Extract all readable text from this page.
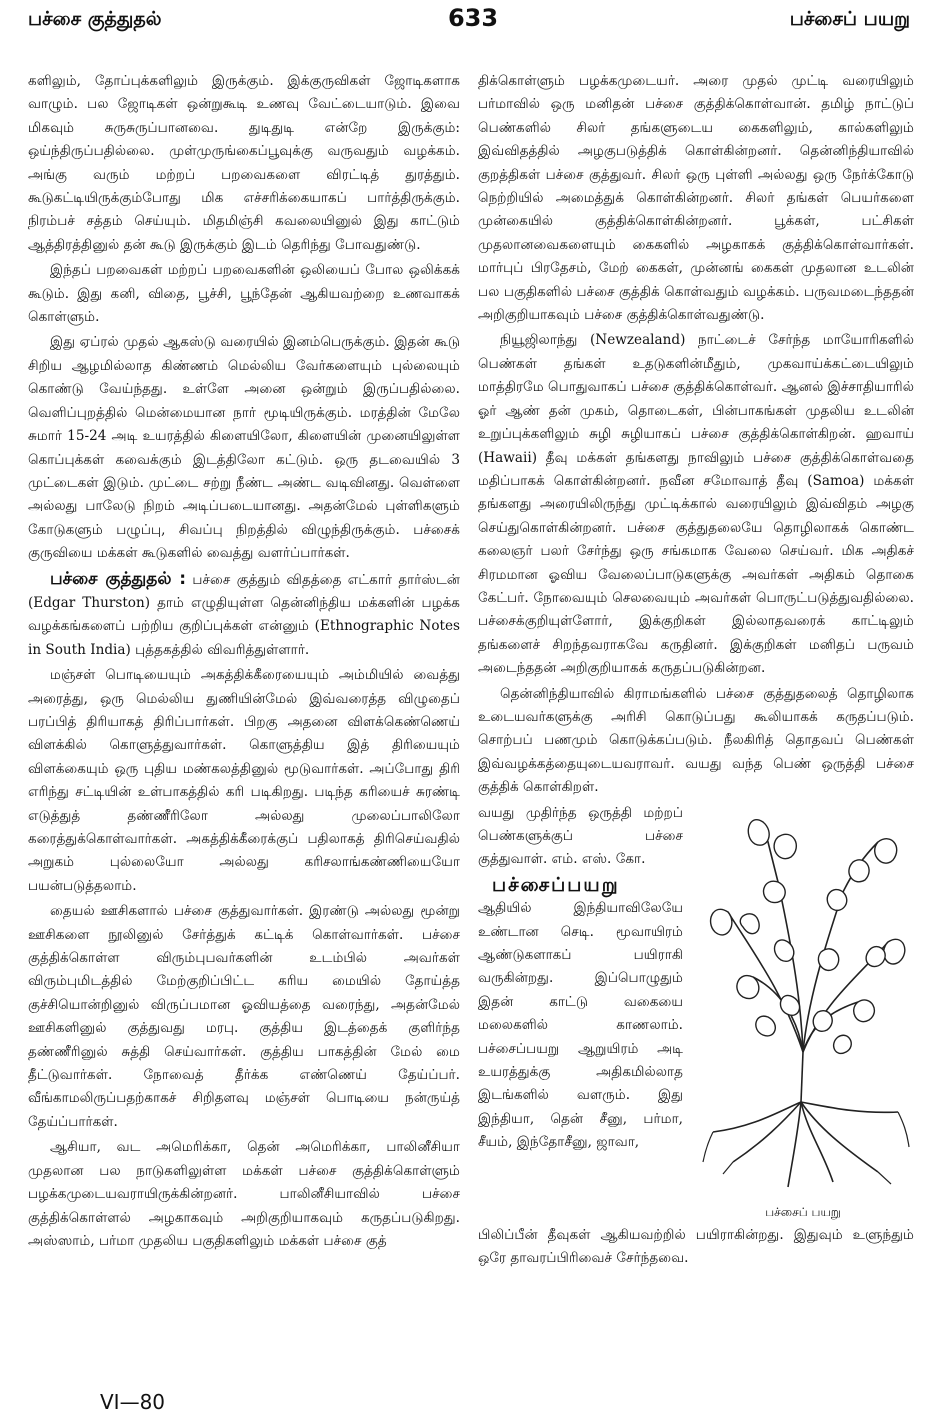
பச்சை குத்துதல்	633	பச்சைப் பயறு

களிலும், தோப்புக்களிலும் இருக்கும். இக்குருவிகள் ஜோடிகளாக வாழும். பல ஜோடிகள் ஒன்றுகூடி உணவு வேட்டையாடும். இவை மிகவும் சுருசுருப்பானவை. துடிதுடி என்றே இருக்கும்: ஒய்ந்திருப்பதில்லை. முள்முருங்கைப்பூவுக்கு வருவதும் வழக்கம். அங்கு வரும் மற்றப் பறவைகளை விரட்டித் துரத்தும். கூடுகட்டியிருக்கும்போது மிக எச்சரிக்கையாகப் பார்த்திருக்கும். நிரம்பச் சத்தம் செய்யும். மிதமிஞ்சி கவலையினுல் இது காட்டும் ஆத்திரத்தினுல் தன் கூடு இருக்கும் இடம் தெரிந்து போவதுண்டு.

இந்தப் பறவைகள் மற்றப் பறவைகளின் ஒலியைப் போல ஒலிக்கக் கூடும். இது கனி, விதை, பூச்சி, பூந்தேன் ஆகியவற்றை உணவாகக் கொள்ளும்.

இது ஏப்ரல் முதல் ஆகஸ்டு வரையில் இனம்பெருக்கும். இதன் கூடு சிறிய ஆழமில்லாத கிண்ணம் மெல்லிய வேர்களையும் புல்லையும் கொண்டு வேய்ந்தது. உள்ளே அனை ஒன்றும் இருப்பதில்லை. வெளிப்புறத்தில் மென்மையான நார் மூடியிருக்கும். மரத்தின் மேலே சுமார் 15-24 அடி உயரத்தில் கிளையிலோ, கிளையின் முனையிலுள்ள கொப்புக்கள் கவைக்கும் இடத்திலோ கட்டும். ஒரு தடவையில் 3 முட்டைகள் இடும். முட்டை சற்று நீண்ட அண்ட வடிவினது. வெள்ளை அல்லது பாலேடு நிறம் அடிப்படையானது. அதன்மேல் புள்ளிகளும் கோடுகளும் பழுப்பு, சிவப்பு நிறத்தில் விழுந்திருக்கும். பச்சைக் குருவியை மக்கள் கூடுகளில் வைத்து வளர்ப்பார்கள்.

பச்சை குத்துதல் : பச்சை குத்தும் விதத்தை எட்கார் தார்ஸ்டன் (Edgar Thurston) தாம் எழுதியுள்ள தென்னிந்திய மக்களின் பழக்க வழக்கங்களைப் பற்றிய குறிப்புக்கள் என்னும் (Ethnographic Notes in South India) புத்தகத்தில் விவரித்துள்ளார்.

மஞ்சள் பொடியையும் அகத்திக்கீரையையும் அம்மியில் வைத்து அரைத்து, ஒரு மெல்லிய துணியின்மேல் இவ்வரைத்த விழுதைப் பரப்பித் திரியாகத் திரிப்பார்கள். பிறகு அதனை விளக்கெண்ணெய் விளக்கில் கொளுத்துவார்கள். கொளுத்திய இத் திரியையும் விளக்கையும் ஒரு புதிய மண்கலத்தினுல் மூடுவார்கள். அப்போது திரி எரிந்து சட்டியின் உள்பாகத்தில் கரி படிகிறது. படிந்த கரியைச் சுரண்டி எடுத்துத் தண்ணீரிலோ அல்லது முலைப்பாலிலோ கரைத்துக்கொள்வார்கள். அகத்திக்கீரைக்குப் பதிலாகத் திரிசெய்வதில் அறுகம் புல்லையோ அல்லது கரிசலாங்கண்ணியையோ பயன்படுத்தலாம்.

தையல் ஊசிகளால் பச்சை குத்துவார்கள். இரண்டு அல்லது மூன்று ஊசிகளை நூலினுல் சேர்த்துக் கட்டிக் கொள்வார்கள். பச்சை குத்திக்கொள்ள விரும்புபவர்களின் உடம்பில் அவர்கள் விரும்புமிடத்தில் மேற்குறிப்பிட்ட கரிய மையில் தோய்த்த குச்சியொன்றினுல் விருப்பமான ஓவியத்தை வரைந்து, அதன்மேல் ஊசிகளினுல் குத்துவது மரபு. குத்திய இடத்தைக் குளிர்ந்த தண்ணீரினுல் சுத்தி செய்வார்கள். குத்திய பாகத்தின் மேல் மை தீட்டுவார்கள். நோவைத் தீர்க்க எண்ணெய் தேய்ப்பர். வீங்காமலிருப்பதற்காகச் சிறிதளவு மஞ்சள் பொடியை நன்ருய்த் தேய்ப்பார்கள்.

ஆசியா, வட அமெரிக்கா, தென் அமெரிக்கா, பாலினீசியா முதலான பல நாடுகளிலுள்ள மக்கள் பச்சை குத்திக்கொள்ளும் பழக்கமுடையவராயிருக்கின்றனர். பாலினீசியாவில் பச்சை குத்திக்கொள்ளல் அழகாகவும் அறிகுறியாகவும் கருதப்படுகிறது. அஸ்ஸாம், பர்மா முதலிய பகுதிகளிலும் மக்கள் பச்சை குத்

திக்கொள்ளும் பழக்கமுடையர். அரை முதல் முட்டி வரையிலும் பர்மாவில் ஒரு மனிதன் பச்சை குத்திக்கொள்வான். தமிழ் நாட்டுப் பெண்களில் சிலர் தங்களுடைய கைகளிலும், கால்களிலும் இவ்விதத்தில் அழகுபடுத்திக் கொள்கின்றனர். தென்னிந்தியாவில் குறத்திகள் பச்சை குத்துவர். சிலர் ஒரு புள்ளி அல்லது ஒரு நேர்க்கோடு நெற்றியில் அமைத்துக் கொள்கின்றனர். சிலர் தங்கள் பெயர்களை முன்கையில் குத்திக்கொள்கின்றனர். பூக்கள், பட்சிகள் முதலானவைகளையும் கைகளில் அழகாகக் குத்திக்கொள்வார்கள். மார்புப் பிரதேசம், மேற் கைகள், முன்னங் கைகள் முதலான உடலின் பல பகுதிகளில் பச்சை குத்திக் கொள்வதும் வழக்கம். பருவமடைந்ததன் அறிகுறியாகவும் பச்சை குத்திக்கொள்வதுண்டு.

நியூஜிலாந்து (Newzealand) நாட்டைச் சேர்ந்த மாயோரிகளில் பெண்கள் தங்கள் உதடுகளின்மீதும், முகவாய்க்கட்டையிலும் மாத்திரமே பொதுவாகப் பச்சை குத்திக்கொள்வர். ஆனல் இச்சாதியாரில் ஓர் ஆண் தன் முகம், தொடைகள், பின்பாகங்கள் முதலிய உடலின் உறுப்புக்களிலும் சுழி சுழியாகப் பச்சை குத்திக்கொள்கிறன். ஹவாய் (Hawaii) தீவு மக்கள் தங்களது நாவிலும் பச்சை குத்திக்கொள்வதை மதிப்பாகக் கொள்கின்றனர். நவீன சமோவாத் தீவு (Samoa) மக்கள் தங்களது அரையிலிருந்து முட்டிக்கால் வரையிலும் இவ்விதம் அழகு செய்துகொள்கின்றனர். பச்சை குத்துதலையே தொழிலாகக் கொண்ட கலைஞர் பலர் சேர்ந்து ஒரு சங்கமாக வேலை செய்வர். மிக அதிகச் சிரமமான ஓவிய வேலைப்பாடுகளுக்கு அவர்கள் அதிகம் தொகை கேட்பர். நோவையும் செலவையும் அவர்கள் பொருட்படுத்துவதில்லை. பச்சைக்குறியுள்ளோர், இக்குறிகள் இல்லாதவரைக் காட்டிலும் தங்களைச் சிறந்தவராகவே கருதினர். இக்குறிகள் மனிதப் பருவம் அடைந்ததன் அறிகுறியாகக் கருதப்படுகின்றன.

தென்னிந்தியாவில் கிராமங்களில் பச்சை குத்துதலைத் தொழிலாக உடையவர்களுக்கு அரிசி கொடுப்பது கூலியாகக் கருதப்படும். சொற்பப் பணமும் கொடுக்கப்படும். நீலகிரித் தொதவப் பெண்கள் இவ்வழக்கத்தையுடையவராவர். வயது வந்த பெண் ஒருத்தி பச்சை குத்திக் கொள்கிறள்.

வயது முதிர்ந்த ஒருத்தி மற்றப் பெண்களுக்குப் பச்சை குத்துவாள். எம். எஸ். கோ.

பச்சைப்பயறு

ஆதியில் இந்தியாவிலேயே உண்டான செடி. மூவாயிரம் ஆண்டுகளாகப் பயிராகி வருகின்றது. இப்பொழுதும் இதன் காட்டு வகையை மலைகளில் காணலாம். பச்சைப்பயறு ஆறுயிரம் அடி உயரத்துக்கு அதிகமில்லாத இடங்களில் வளரும். இது இந்தியா, தென் சீனு, பர்மா, சீயம், இந்தோசீனு, ஜாவா,

பச்சைப் பயறு

பிலிப்பீன் தீவுகள் ஆகியவற்றில் பயிராகின்றது. இதுவும் உளுந்தும் ஒரே தாவரப்பிரிவைச் சேர்ந்தவை.

VI—80
